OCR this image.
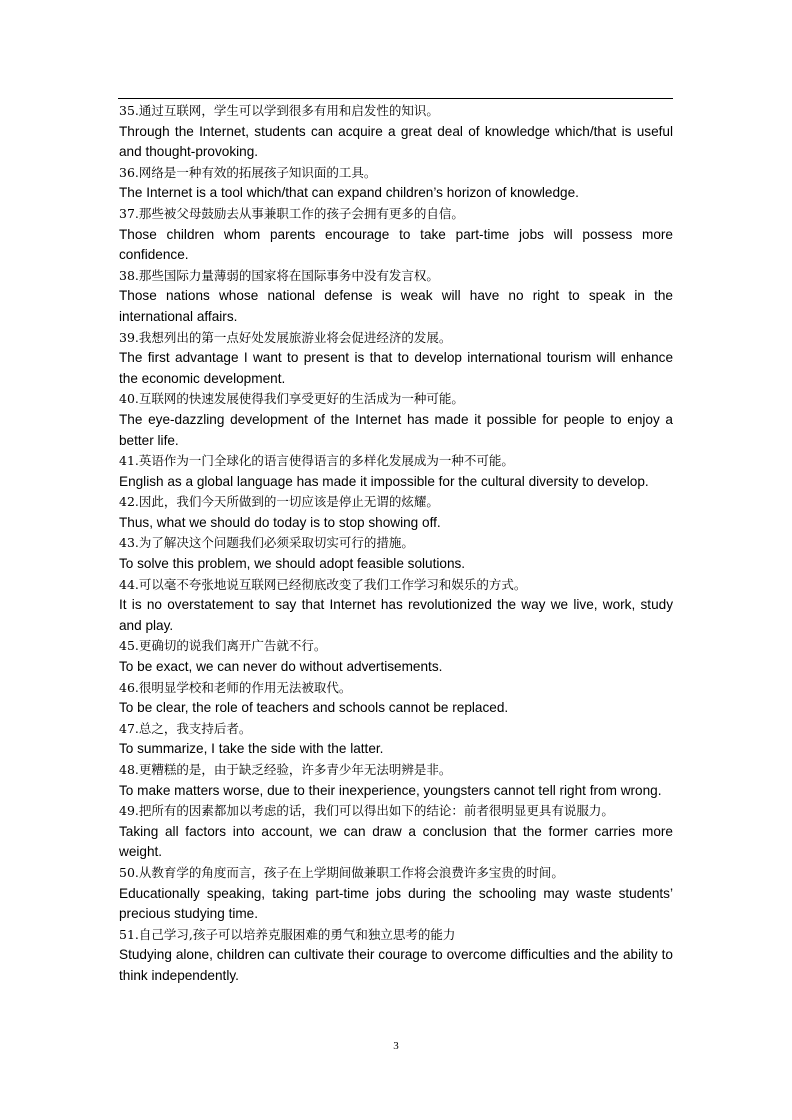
35.通过互联网，学生可以学到很多有用和启发性的知识。
Through the Internet, students can acquire a great deal of knowledge which/that is useful and thought-provoking.
36.网络是一种有效的拓展孩子知识面的工具。
The Internet is a tool which/that can expand children’s horizon of knowledge.
37.那些被父母鼓励去从事兼职工作的孩子会拥有更多的自信。
Those children whom parents encourage to take part-time jobs will possess more confidence.
38.那些国际力量薄弱的国家将在国际事务中没有发言权。
Those nations whose national defense is weak will have no right to speak in the international affairs.
39.我想列出的第一点好处发展旅游业将会促进经济的发展。
The first advantage I want to present is that to develop international tourism will enhance the economic development.
40.互联网的快速发展使得我们享受更好的生活成为一种可能。
The eye-dazzling development of the Internet has made it possible for people to enjoy a better life.
41.英语作为一门全球化的语言使得语言的多样化发展成为一种不可能。
English as a global language has made it impossible for the cultural diversity to develop.
42.因此，我们今天所做到的一切应该是停止无谓的炫耀。
Thus, what we should do today is to stop showing off.
43.为了解决这个问题我们必须采取切实可行的措施。
To solve this problem, we should adopt feasible solutions.
44.可以毫不夸张地说互联网已经彻底改变了我们工作学习和娱乐的方式。
It is no overstatement to say that Internet has revolutionized the way we live, work, study and play.
45.更确切的说我们离开广告就不行。
To be exact, we can never do without advertisements.
46.很明显学校和老师的作用无法被取代。
To be clear, the role of teachers and schools cannot be replaced.
47.总之，我支持后者。
To summarize, I take the side with the latter.
48.更糟糕的是，由于缺乏经验，许多青少年无法明辨是非。
To make matters worse, due to their inexperience, youngsters cannot tell right from wrong.
49.把所有的因素都加以考虑的话，我们可以得出如下的结论：前者很明显更具有说服力。
Taking all factors into account, we can draw a conclusion that the former carries more weight.
50.从教育学的角度而言，孩子在上学期间做兼职工作将会浪费许多宝贵的时间。
Educationally speaking, taking part-time jobs during the schooling may waste students’ precious studying time.
51.自己学习,孩子可以培养克服困难的勇气和独立思考的能力
Studying alone, children can cultivate their courage to overcome difficulties and the ability to think independently.
3
